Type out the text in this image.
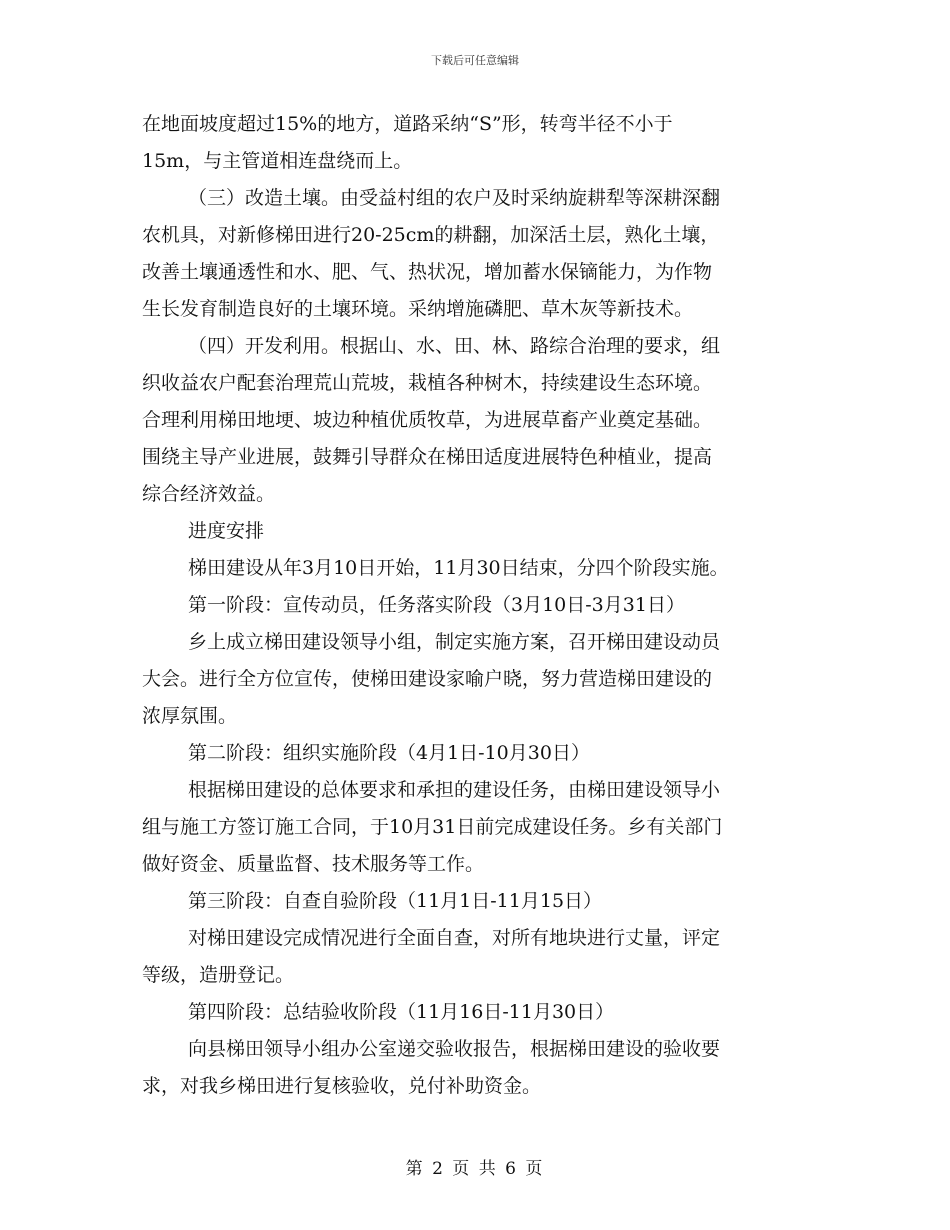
下载后可任意编辑
在地面坡度超过15%的地方，道路采纳“S”形，转弯半径不小于
15m，与主管道相连盘绕而上。
（三）改造土壤。由受益村组的农户及时采纳旋耕犁等深耕深翻
农机具，对新修梯田进行20-25cm的耕翻，加深活土层，熟化土壤，
改善土壤通透性和水、肥、气、热状况，增加蓄水保镝能力，为作物
生长发育制造良好的土壤环境。采纳增施磷肥、草木灰等新技术。
（四）开发利用。根据山、水、田、林、路综合治理的要求，组
织收益农户配套治理荒山荒坡，栽植各种树木，持续建设生态环境。
合理利用梯田地埂、坡边种植优质牧草，为进展草畜产业奠定基础。
围绕主导产业进展，鼓舞引导群众在梯田适度进展特色种植业，提高
综合经济效益。
进度安排
梯田建设从年3月10日开始，11月30日结束，分四个阶段实施。
第一阶段：宣传动员，任务落实阶段（3月10日-3月31日）
乡上成立梯田建设领导小组，制定实施方案，召开梯田建设动员
大会。进行全方位宣传，使梯田建设家喻户晓，努力营造梯田建设的
浓厚氛围。
第二阶段：组织实施阶段（4月1日-10月30日）
根据梯田建设的总体要求和承担的建设任务，由梯田建设领导小
组与施工方签订施工合同，于10月31日前完成建设任务。乡有关部门
做好资金、质量监督、技术服务等工作。
第三阶段：自查自验阶段（11月1日-11月15日）
对梯田建设完成情况进行全面自查，对所有地块进行丈量，评定
等级，造册登记。
第四阶段：总结验收阶段（11月16日-11月30日）
向县梯田领导小组办公室递交验收报告，根据梯田建设的验收要
求，对我乡梯田进行复核验收，兑付补助资金。
第 2 页 共 6 页
